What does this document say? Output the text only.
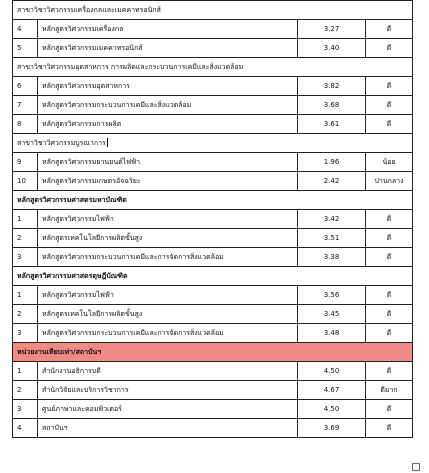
สาขาวิชาวิศวกรรมเครื่องกลและเมคคาทรอนิกส์			
4	หลักสูตรวิศวกรรมเครื่องกล	3.27	ดี
5	หลักสูตรวิศวกรรมเมคคาทรอนิกส์	3.40	ดี
สาขาวิชาวิศวกรรมอุตสาหการ การผลิตและกระบวนการเคมีและสิ่งแวดล้อม			
6	หลักสูตรวิศวกรรมอุตสาหการ	3.82	ดี
7	หลักสูตรวิศวกรรมกระบวนการเคมีและสิ่งแวดล้อม	3.68	ดี
8	หลักสูตรวิศวกรรมการผลิต	3.61	ดี
สาขาวิชาวิศวกรรมบูรณาการ			
9	หลักสูตรวิศวกรรมยานยนต์ไฟฟ้า	1.96	น้อย
10	หลักสูตรวิศวกรรมเกษตรอัจฉริยะ	2.42	ปานกลาง
หลักสูตรวิศวกรรมศาสตรมหาบัณฑิต			
1	หลักสูตรวิศวกรรมไฟฟ้า	3.42	ดี
2	หลักสูตรเทคโนโลยีการผลิตขั้นสูง	3.51	ดี
3	หลักสูตรวิศวกรรมกระบวนการเคมีและการจัดการสิ่งแวดล้อม	3.38	ดี
หลักสูตรวิศวกรรมศาสตรดุษฎีบัณฑิต			
1	หลักสูตรวิศวกรรมไฟฟ้า	3.56	ดี
2	หลักสูตรเทคโนโลยีการผลิตขั้นสูง	3.45	ดี
3	หลักสูตรวิศวกรรมกระบวนการเคมีและการจัดการสิ่งแวดล้อม	3.48	ดี
หน่วยงานเทียบเท่า/สถาบันฯ			
1	สำนักงานอธิการบดี	4.50	ดี
2	สำนักวิจัยและบริการวิชาการ	4.67	ดีมาก
3	ศูนย์ภาษาและคอมพิวเตอร์	4.50	ดี
4	สถาบันฯ	3.69	ดี
